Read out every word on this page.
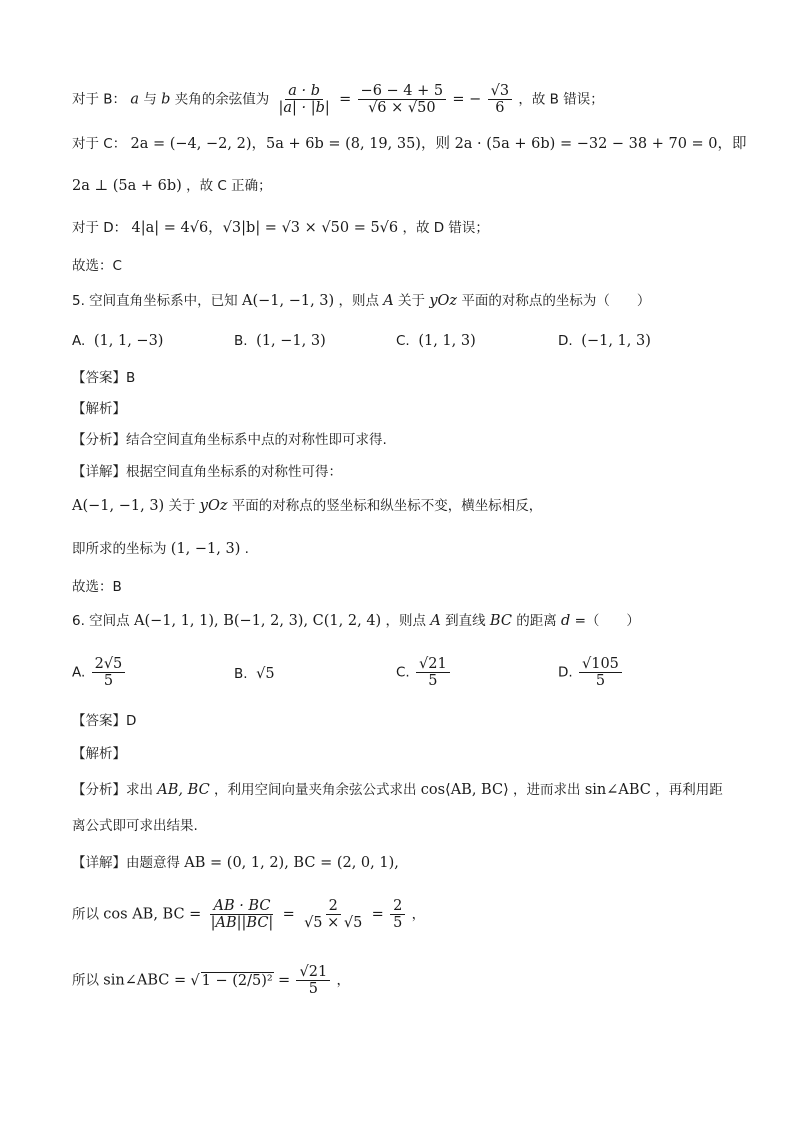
对于 B： a 与 b 夹角的余弦值为 $\frac{a \cdot b}{|a| \cdot |b|} = \frac{-6 - 4 + 5}{√6 \times √50}$ = − $\frac{√3}{6}$ ，故 B 错误；
对于 C： 2a = (−4, −2, 2)，5a + 6b = (8, 19, 35)，则 2a · (5a + 6b) = −32 − 38 + 70 = 0，即
2a ⊥ (5a + 6b) ，故 C 正确；
对于 D： 4|a| = 4√6，√3|b| = √3 × √50 = 5√6 ，故 D 错误；
故选：C
5. 空间直角坐标系中，已知 A(−1, −1, 3) ，则点 A 关于 yOz 平面的对称点的坐标为（　　）
A. (1, 1, −3)	B. (1, −1, 3)	C. (1, 1, 3)	D. (−1, 1, 3)
【答案】B
【解析】
【分析】结合空间直角坐标系中点的对称性即可求得.
【详解】根据空间直角坐标系的对称性可得：
A(−1, −1, 3) 关于 yOz 平面的对称点的竖坐标和纵坐标不变，横坐标相反，
即所求的坐标为 (1, −1, 3) .
故选：B
6. 空间点 A(−1, 1, 1), B(−1, 2, 3), C(1, 2, 4) ，则点 A 到直线 BC 的距离 d =（　　）
A. $\frac{2√5}{5}$	B. √5	C. $\frac{√21}{5}$	D. $\frac{√105}{5}$
【答案】D
【解析】
【分析】求出 AB, BC ，利用空间向量夹角余弦公式求出 cos⟨AB, BC⟩ ，进而求出 sin∠ABC ，再利用距
离公式即可求出结果.
【详解】由题意得 AB = (0, 1, 2), BC = (2, 0, 1),
所以 cos AB, BC = $\frac{AB \cdot BC}{|AB||BC|} = \frac{2}{√5 \times √5} = \frac{2}{5}$ ，
所以 sin∠ABC = √ $1 - (2/5)^2 = \frac{√21}{5}$ ，
